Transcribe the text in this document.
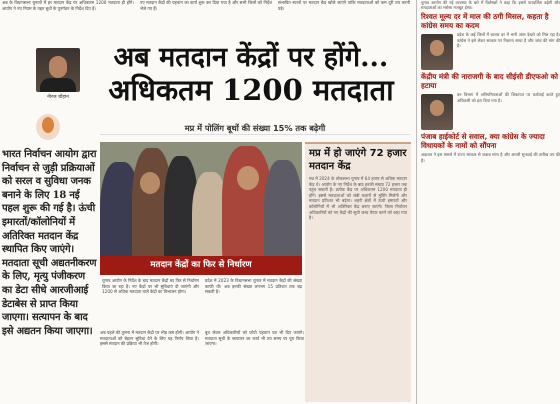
अब के विधानसभा चुनावों में हर मतदान केंद्र पर अधिकतम 1200 मतदाता ही होंगे। आयोग ने नए नियम के तहत बूथों के पुनर्गठन के निर्देश दिए हैं।
नए मतदान केंद्रों की पहचान का कार्य शुरू कर दिया गया है और सभी जिलों को निर्देश भेजे गए हैं।
संभावित स्थानों पर मतदान केंद्र खोले जाएंगे ताकि मतदाताओं को कम दूरी तय करनी पड़े।
नीरज चौहान
अब मतदान केंद्रों पर होंगे...
अधिकतम 1200 मतदाता
मप्र में पोलिंग बूथों की संख्या 15% तक बढ़ेगी
भारत निर्वाचन आयोग द्वारा निर्वाचन से जुड़ी प्रक्रियाओं को सरल व सुविधा जनक बनाने के लिए 18 नई पहल शुरू की गई है। ऊंची इमारतों/कॉलोनियों में अतिरिक्त मतदान केंद्र स्थापित किए जाएंगे। मतदाता सूची अद्यतनीकरण के लिए, मृत्यु पंजीकरण का डेटा सीधे आरजीआई डेटाबेस से प्राप्त किया जाएगा। सत्यापन के बाद इसे अद्यतन किया जाएगा।
मतदान केंद्रों का फिर से निर्धारण
चुनाव आयोग के निर्देश के बाद मतदान केंद्रों का फिर से निर्धारण किया जा रहा है। नए केंद्रों पर भी सुविधाएं दी जाएंगी और 1200 से अधिक मतदाता वाले केंद्रों का विभाजन होगा।
प्रदेश में 2023 के विधानसभा चुनाव में मतदान केंद्रों की संख्या काफी थी। अब इनकी संख्या लगभग 15 प्रतिशत तक बढ़ सकती है।
मप्र में हो जाएंगे 72 हजार मतदान केंद्र
मप्र में 2024 के लोकसभा चुनाव में 64 हजार से अधिक मतदान केंद्र थे। आयोग के नए निर्देश के बाद इनकी संख्या 72 हजार तक पहुंच सकती है। प्रत्येक केंद्र पर अधिकतम 1200 मतदाता ही होंगे। इससे मतदाताओं को लंबी कतारों से मुक्ति मिलेगी और मतदान प्रतिशत भी बढ़ेगा। शहरी क्षेत्रों में ऊंची इमारतों और कॉलोनियों में भी अतिरिक्त केंद्र बनाए जाएंगे। जिला निर्वाचन अधिकारियों को नए केंद्रों की सूची जल्द तैयार करने को कहा गया है।
अब पहले की तुलना में मतदान केंद्रों पर भीड़ कम होगी। आयोग ने मतदाताओं को बेहतर सुविधा देने के लिए यह निर्णय लिया है। इससे मतदान की प्रक्रिया भी तेज होगी।
बूथ लेवल अधिकारियों को फोटो पहचान पत्र भी दिए जाएंगे। मतदाता सूची के सत्यापन का कार्य भी तय समय पर पूरा किया जाएगा।
चुनाव आयोग की नई व्यवस्था के बारे में विशेषज्ञों ने कहा कि इससे पारदर्शिता बढ़ेगी और मतदाताओं का भरोसा मजबूत होगा।
रिश्वत मूल्य दर में माल की ठगी मिसल, कहता है कांग्रेस समय का कदम
प्रदेश के कई जिलों में बाजार दर में भारी अंतर देखने को मिल रहा है। कांग्रेस ने इसे लेकर सरकार पर निशाना साधा है और जांच की मांग की है।
केंद्रीय मंत्री की नाराजगी के बाद सीईसी डीएफओ को हटाया
वन विभाग में अनियमितताओं की शिकायत पर कार्रवाई करते हुए अधिकारी को हटा दिया गया है।
पंजाब हाईकोर्ट से सवाल, क्या कांग्रेस के ज्यादा विधायकों के नामों को सौंपना
अदालत ने इस मामले में राज्य सरकार से जवाब मांगा है और अगली सुनवाई की तारीख तय की है।
